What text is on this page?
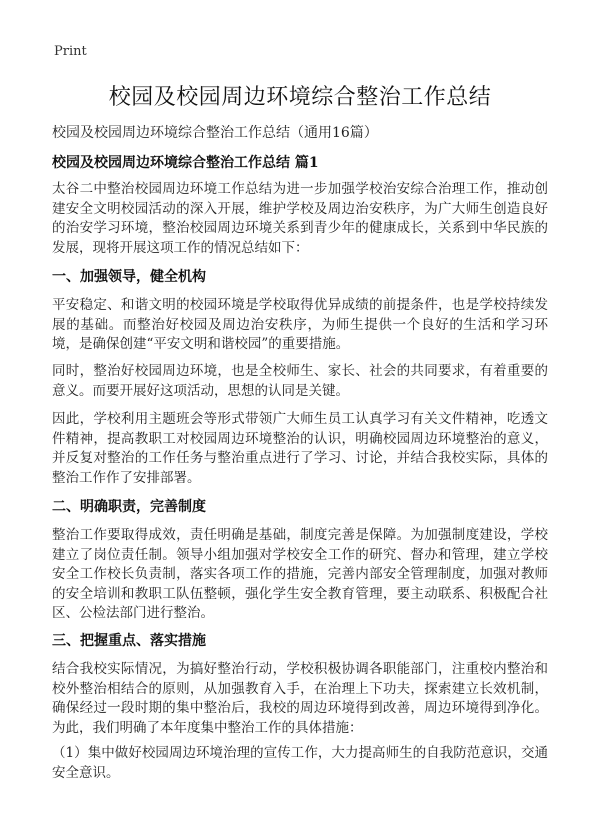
Print
校园及校园周边环境综合整治工作总结
校园及校园周边环境综合整治工作总结（通用16篇）
校园及校园周边环境综合整治工作总结 篇1

太谷二中整治校园周边环境工作总结为进一步加强学校治安综合治理工作，推动创建安全文明校园活动的深入开展，维护学校及周边治安秩序，为广大师生创造良好的治安学习环境，整治校园周边环境关系到青少年的健康成长，关系到中华民族的发展，现将开展这项工作的情况总结如下：

一、加强领导，健全机构

平安稳定、和谐文明的校园环境是学校取得优异成绩的前提条件，也是学校持续发展的基础。而整治好校园及周边治安秩序，为师生提供一个良好的生活和学习环境，是确保创建“平安文明和谐校园”的重要措施。

同时，整治好校园周边环境，也是全校师生、家长、社会的共同要求，有着重要的意义。而要开展好这项活动，思想的认同是关键。

因此，学校利用主题班会等形式带领广大师生员工认真学习有关文件精神，吃透文件精神，提高教职工对校园周边环境整治的认识，明确校园周边环境整治的意义，并反复对整治的工作任务与整治重点进行了学习、讨论，并结合我校实际，具体的整治工作作了安排部署。

二、明确职责，完善制度

整治工作要取得成效，责任明确是基础，制度完善是保障。为加强制度建设，学校建立了岗位责任制。领导小组加强对学校安全工作的研究、督办和管理，建立学校安全工作校长负责制，落实各项工作的措施，完善内部安全管理制度，加强对教师的安全培训和教职工队伍整顿，强化学生安全教育管理，要主动联系、积极配合社区、公检法部门进行整治。

三、把握重点、落实措施

结合我校实际情况，为搞好整治行动，学校积极协调各职能部门，注重校内整治和校外整治相结合的原则，从加强教育入手，在治理上下功夫，探索建立长效机制，确保经过一段时期的集中整治后，我校的周边环境得到改善，周边环境得到净化。为此，我们明确了本年度集中整治工作的具体措施：

（1）集中做好校园周边环境治理的宣传工作，大力提高师生的自我防范意识，交通安全意识。
